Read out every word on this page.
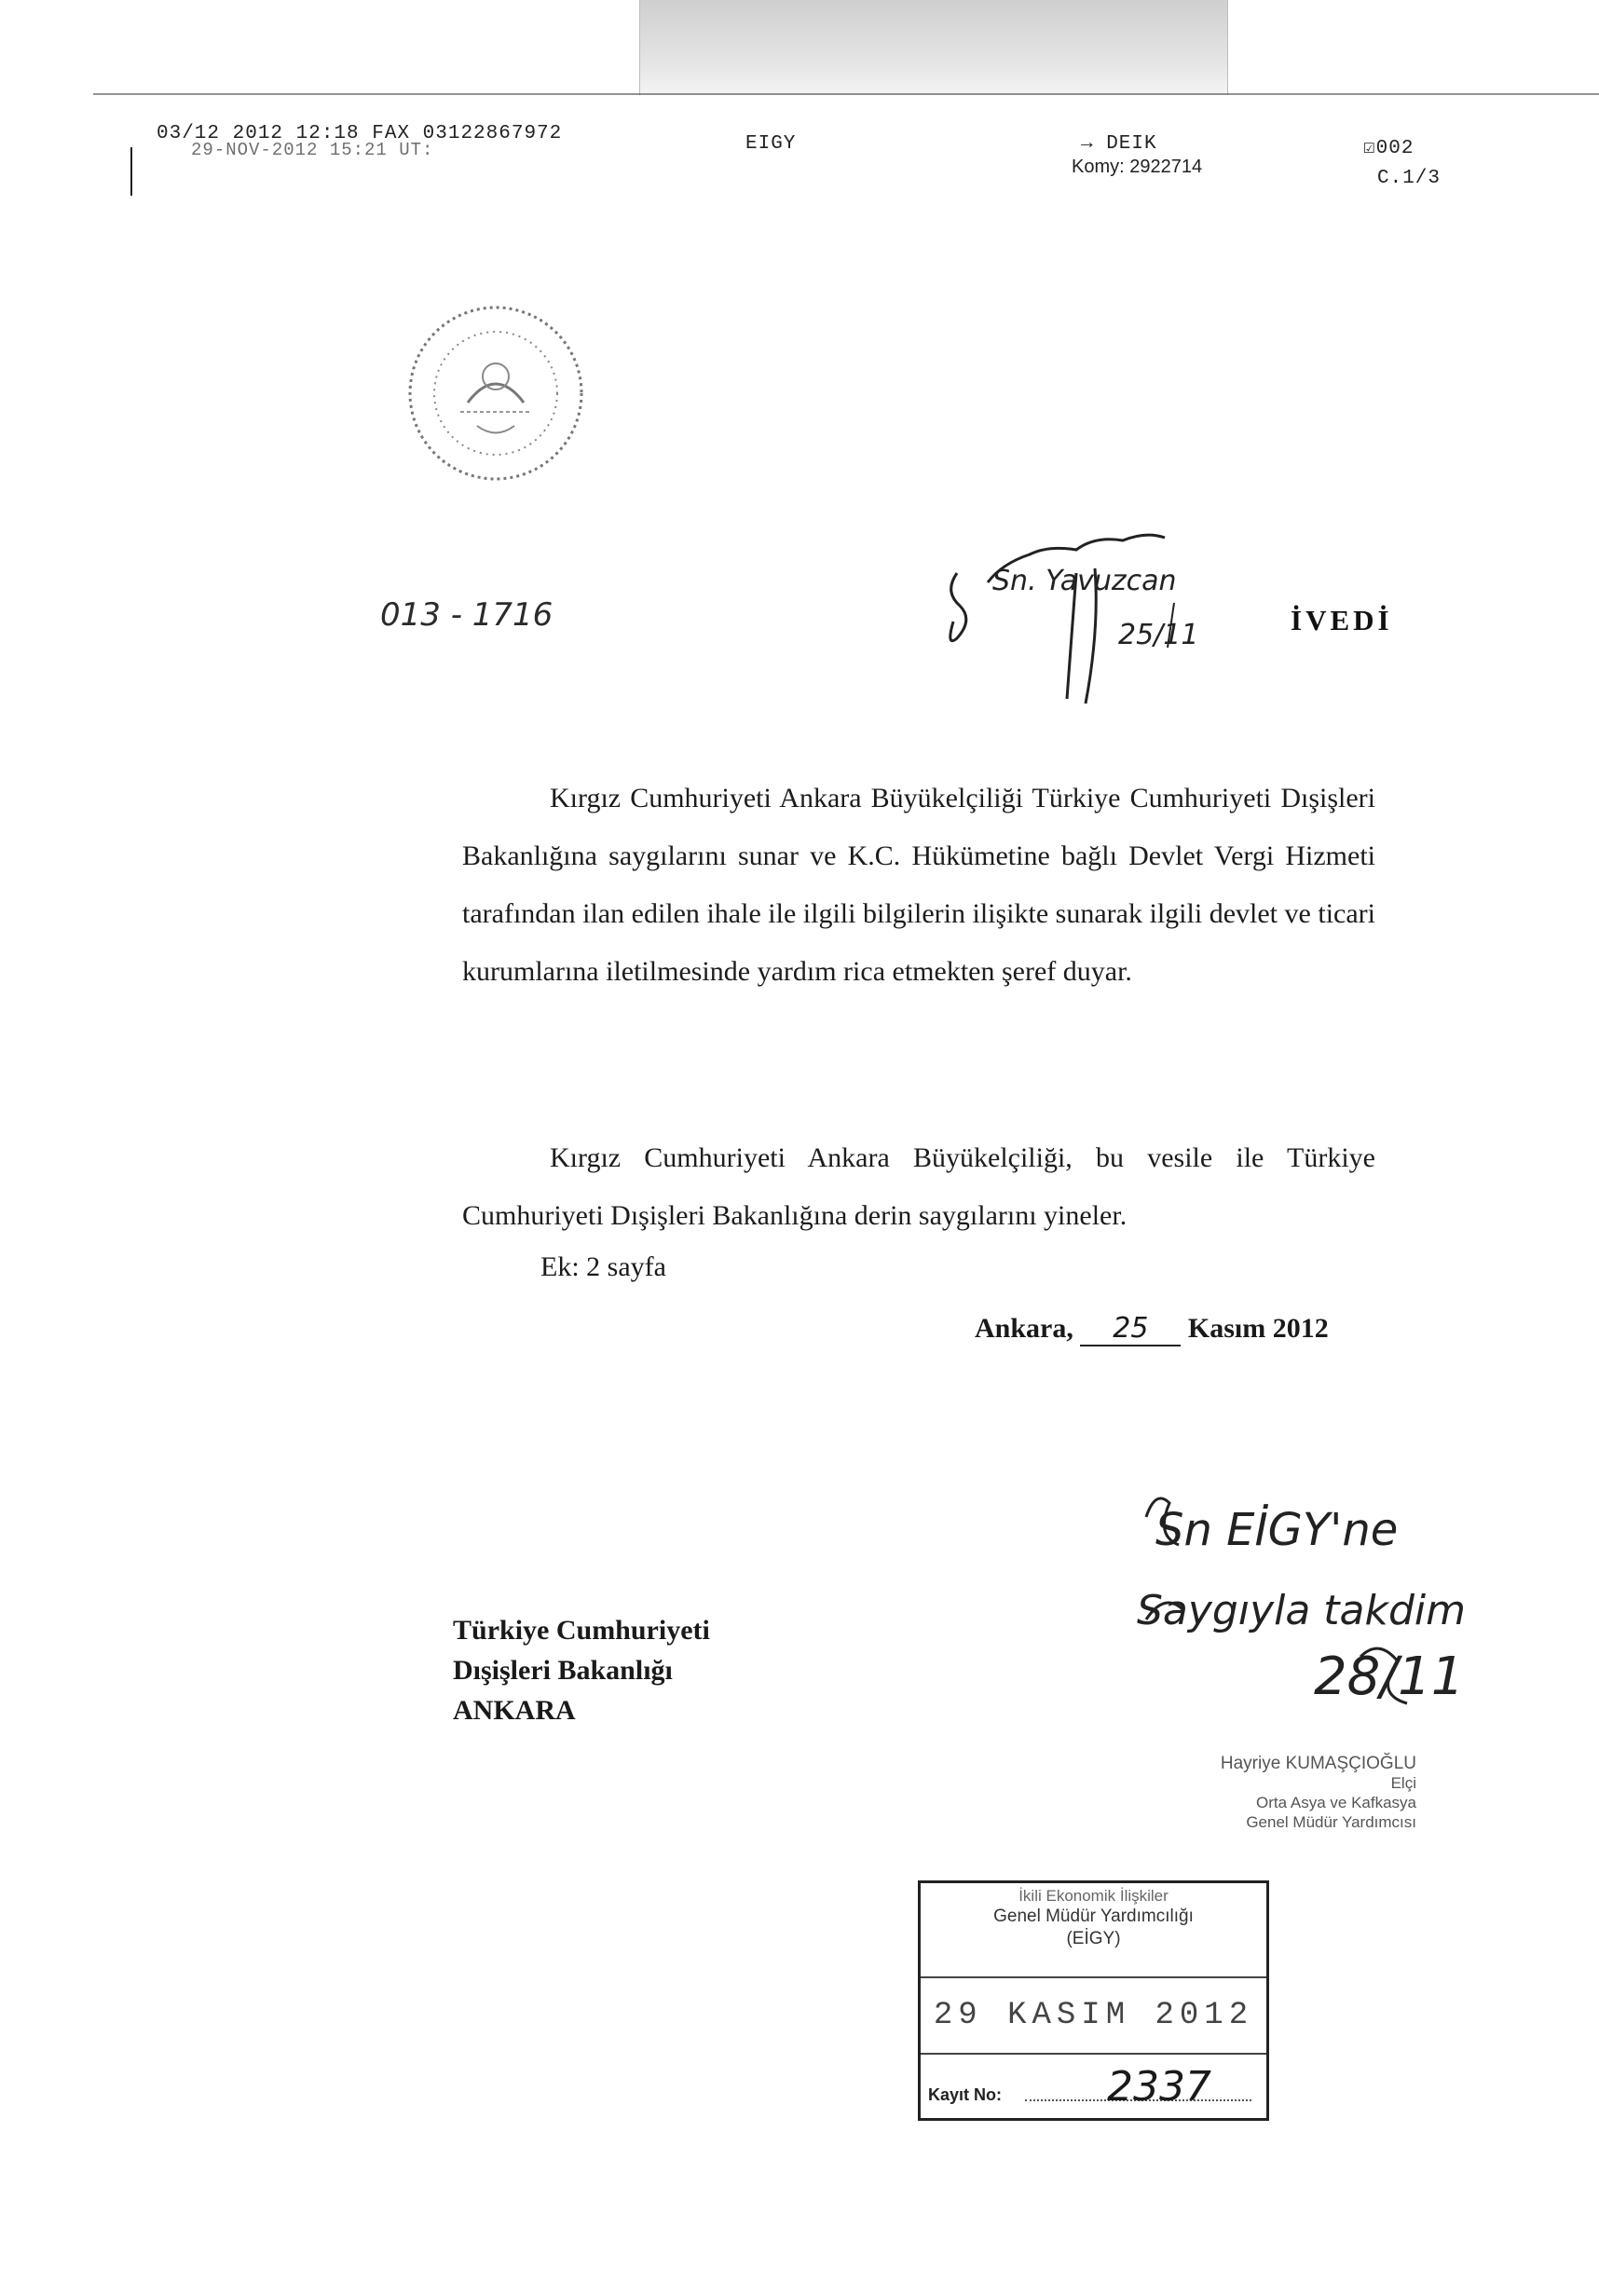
03/12 2012 12:18 FAX 03122867972
29-NOV-2012 15:21 UT:	EIGY	→ DEIK
Komy: 2922714
☑002
C.1/3
013 - 1716
Sn. Yavuzcan
25/11	İVEDİ

Kırgız Cumhuriyeti Ankara Büyükelçiliği Türkiye Cumhuriyeti Dışişleri Bakanlığına saygılarını sunar ve K.C. Hükümetine bağlı Devlet Vergi Hizmeti tarafından ilan edilen ihale ile ilgili bilgilerin ilişikte sunarak ilgili devlet ve ticari kurumlarına iletilmesinde yardım rica etmekten şeref duyar.

Kırgız Cumhuriyeti Ankara Büyükelçiliği, bu vesile ile Türkiye Cumhuriyeti Dışişleri Bakanlığına derin saygılarını yineler.

Ek: 2 sayfa
Ankara, 25 Kasım 2012
Türkiye Cumhuriyeti
Dışişleri Bakanlığı
ANKARA
Sn EİGY'ne
Saygıyla takdim
28/11
Hayriye KUMAŞÇIOĞLU
Elçi
Orta Asya ve Kafkasya
Genel Müdür Yardımcısı
İkili Ekonomik İlişkiler
Genel Müdür Yardımcılığı
(EİGY)
29 KASIM 2012
Kayıt No:	2337
